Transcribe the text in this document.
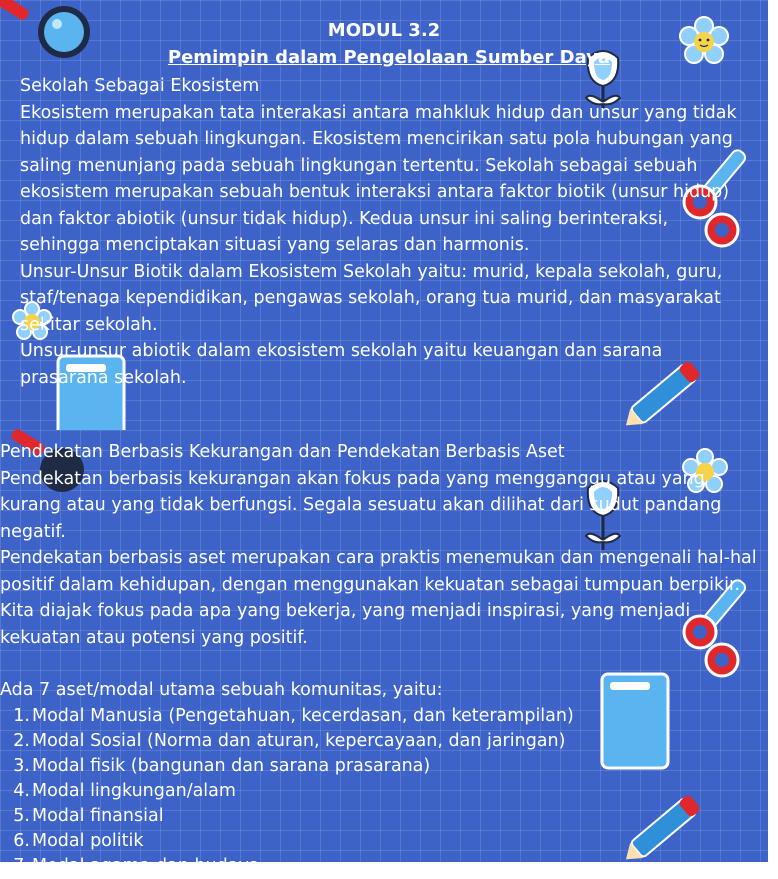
MODUL 3.2
Pemimpin dalam Pengelolaan Sumber Daya

Sekolah Sebagai Ekosistem

Ekosistem merupakan tata interakasi antara mahkluk hidup dan unsur yang tidak hidup dalam sebuah lingkungan. Ekosistem mencirikan satu pola hubungan yang saling menunjang pada sebuah lingkungan tertentu. Sekolah sebagai sebuah ekosistem merupakan sebuah bentuk interaksi antara faktor biotik (unsur hidup) dan faktor abiotik (unsur tidak hidup). Kedua unsur ini saling berinteraksi, sehingga menciptakan situasi yang selaras dan harmonis.

Unsur-Unsur Biotik dalam Ekosistem Sekolah yaitu: murid, kepala sekolah, guru, staf/tenaga kependidikan, pengawas sekolah, orang tua murid, dan masyarakat sekitar sekolah.

Unsur-unsur abiotik dalam ekosistem sekolah yaitu keuangan dan sarana prasarana sekolah.

Pendekatan Berbasis Kekurangan dan Pendekatan Berbasis Aset

Pendekatan berbasis kekurangan akan fokus pada yang mengganggu atau yang kurang atau yang tidak berfungsi. Segala sesuatu akan dilihat dari sudut pandang negatif.

Pendekatan berbasis aset merupakan cara praktis menemukan dan mengenali hal-hal positif dalam kehidupan, dengan menggunakan kekuatan sebagai tumpuan berpikir. Kita diajak fokus pada apa yang bekerja, yang menjadi inspirasi, yang menjadi kekuatan atau potensi yang positif.

Ada 7 aset/modal utama sebuah komunitas, yaitu:

1. Modal Manusia (Pengetahuan, kecerdasan, dan keterampilan)
2. Modal Sosial (Norma dan aturan, kepercayaan, dan jaringan)
3. Modal fisik (bangunan dan sarana prasarana)
4. Modal lingkungan/alam
5. Modal finansial
6. Modal politik
7. Modal agama dan budaya
